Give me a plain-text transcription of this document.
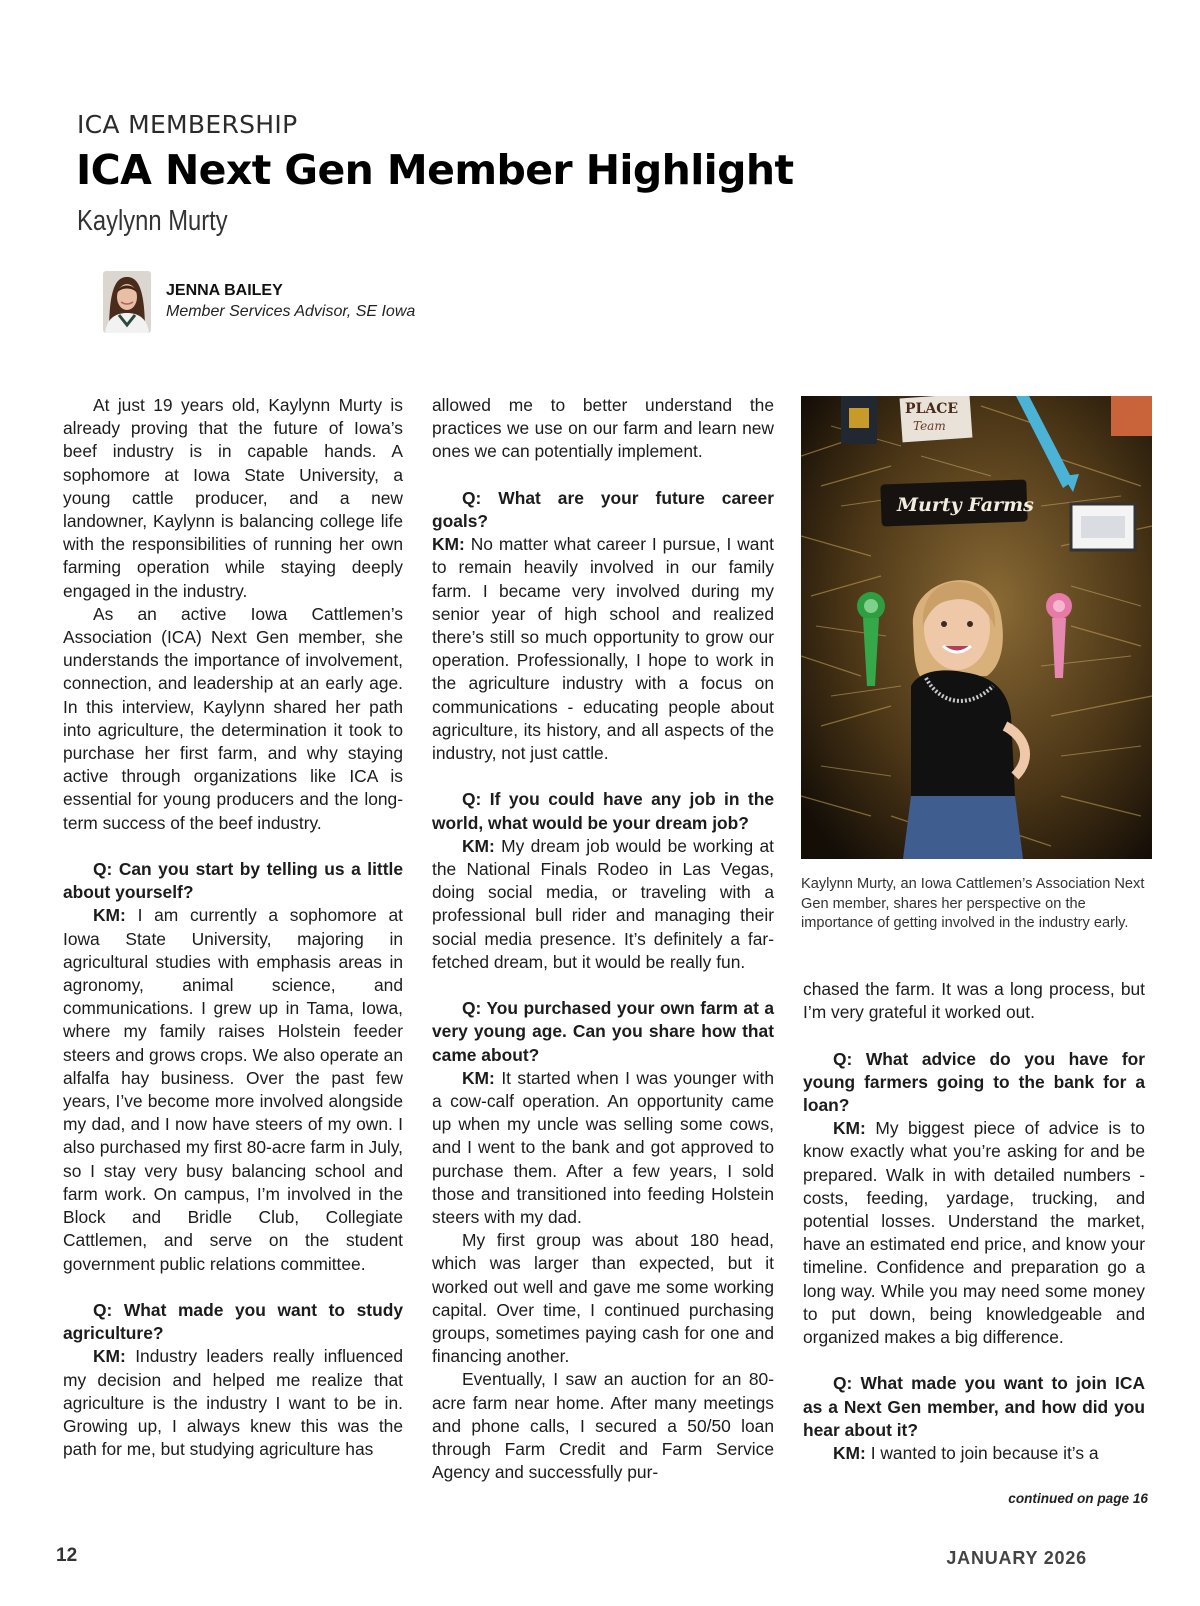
ICA MEMBERSHIP
ICA Next Gen Member Highlight
Kaylynn Murty
JENNA BAILEY
Member Services Advisor, SE Iowa

At just 19 years old, Kaylynn Murty is already proving that the future of Iowa’s beef industry is in capable hands. A sophomore at Iowa State University, a young cattle producer, and a new landowner, Kaylynn is balancing college life with the responsibilities of running her own farming operation while staying deeply engaged in the industry.

As an active Iowa Cattlemen’s Association (ICA) Next Gen member, she understands the importance of involvement, connection, and leadership at an early age. In this interview, Kaylynn shared her path into agriculture, the determination it took to purchase her first farm, and why staying active through organizations like ICA is essential for young producers and the long-term success of the beef industry.

Q: Can you start by telling us a little about yourself?

KM: I am currently a sophomore at Iowa State University, majoring in agricultural studies with emphasis areas in agronomy, animal science, and communications. I grew up in Tama, Iowa, where my family raises Holstein feeder steers and grows crops. We also operate an alfalfa hay business. Over the past few years, I’ve become more involved alongside my dad, and I now have steers of my own. I also purchased my first 80-acre farm in July, so I stay very busy balancing school and farm work. On campus, I’m involved in the Block and Bridle Club, Collegiate Cattlemen, and serve on the student government public relations committee.

Q: What made you want to study agriculture?

KM: Industry leaders really influenced my decision and helped me realize that agriculture is the industry I want to be in. Growing up, I always knew this was the path for me, but studying agriculture has

allowed me to better understand the practices we use on our farm and learn new ones we can potentially implement.

Q: What are your future career goals?

KM: No matter what career I pursue, I want to remain heavily involved in our family farm. I became very involved during my senior year of high school and realized there’s still so much opportunity to grow our operation. Professionally, I hope to work in the agriculture industry with a focus on communications - educating people about agriculture, its history, and all aspects of the industry, not just cattle.

Q: If you could have any job in the world, what would be your dream job?

KM: My dream job would be working at the National Finals Rodeo in Las Vegas, doing social media, or traveling with a professional bull rider and managing their social media presence. It’s definitely a far-fetched dream, but it would be really fun.

Q: You purchased your own farm at a very young age. Can you share how that came about?

KM: It started when I was younger with a cow-calf operation. An opportunity came up when my uncle was selling some cows, and I went to the bank and got approved to purchase them. After a few years, I sold those and transitioned into feeding Holstein steers with my dad.

My first group was about 180 head, which was larger than expected, but it worked out well and gave me some working capital. Over time, I continued purchasing groups, sometimes paying cash for one and financing another.

Eventually, I saw an auction for an 80-acre farm near home. After many meetings and phone calls, I secured a 50/50 loan through Farm Credit and Farm Service Agency and successfully pur-

PLACE
Team
Murty Farms
Kaylynn Murty, an Iowa Cattlemen’s Association Next Gen member, shares her perspective on the importance of getting involved in the industry early.

chased the farm. It was a long process, but I’m very grateful it worked out.

Q: What advice do you have for young farmers going to the bank for a loan?

KM: My biggest piece of advice is to know exactly what you’re asking for and be prepared. Walk in with detailed numbers - costs, feeding, yardage, trucking, and potential losses. Understand the market, have an estimated end price, and know your timeline. Confidence and preparation go a long way. While you may need some money to put down, being knowledgeable and organized makes a big difference.

Q: What made you want to join ICA as a Next Gen member, and how did you hear about it?

KM: I wanted to join because it’s a

continued on page 16
12	JANUARY 2026
